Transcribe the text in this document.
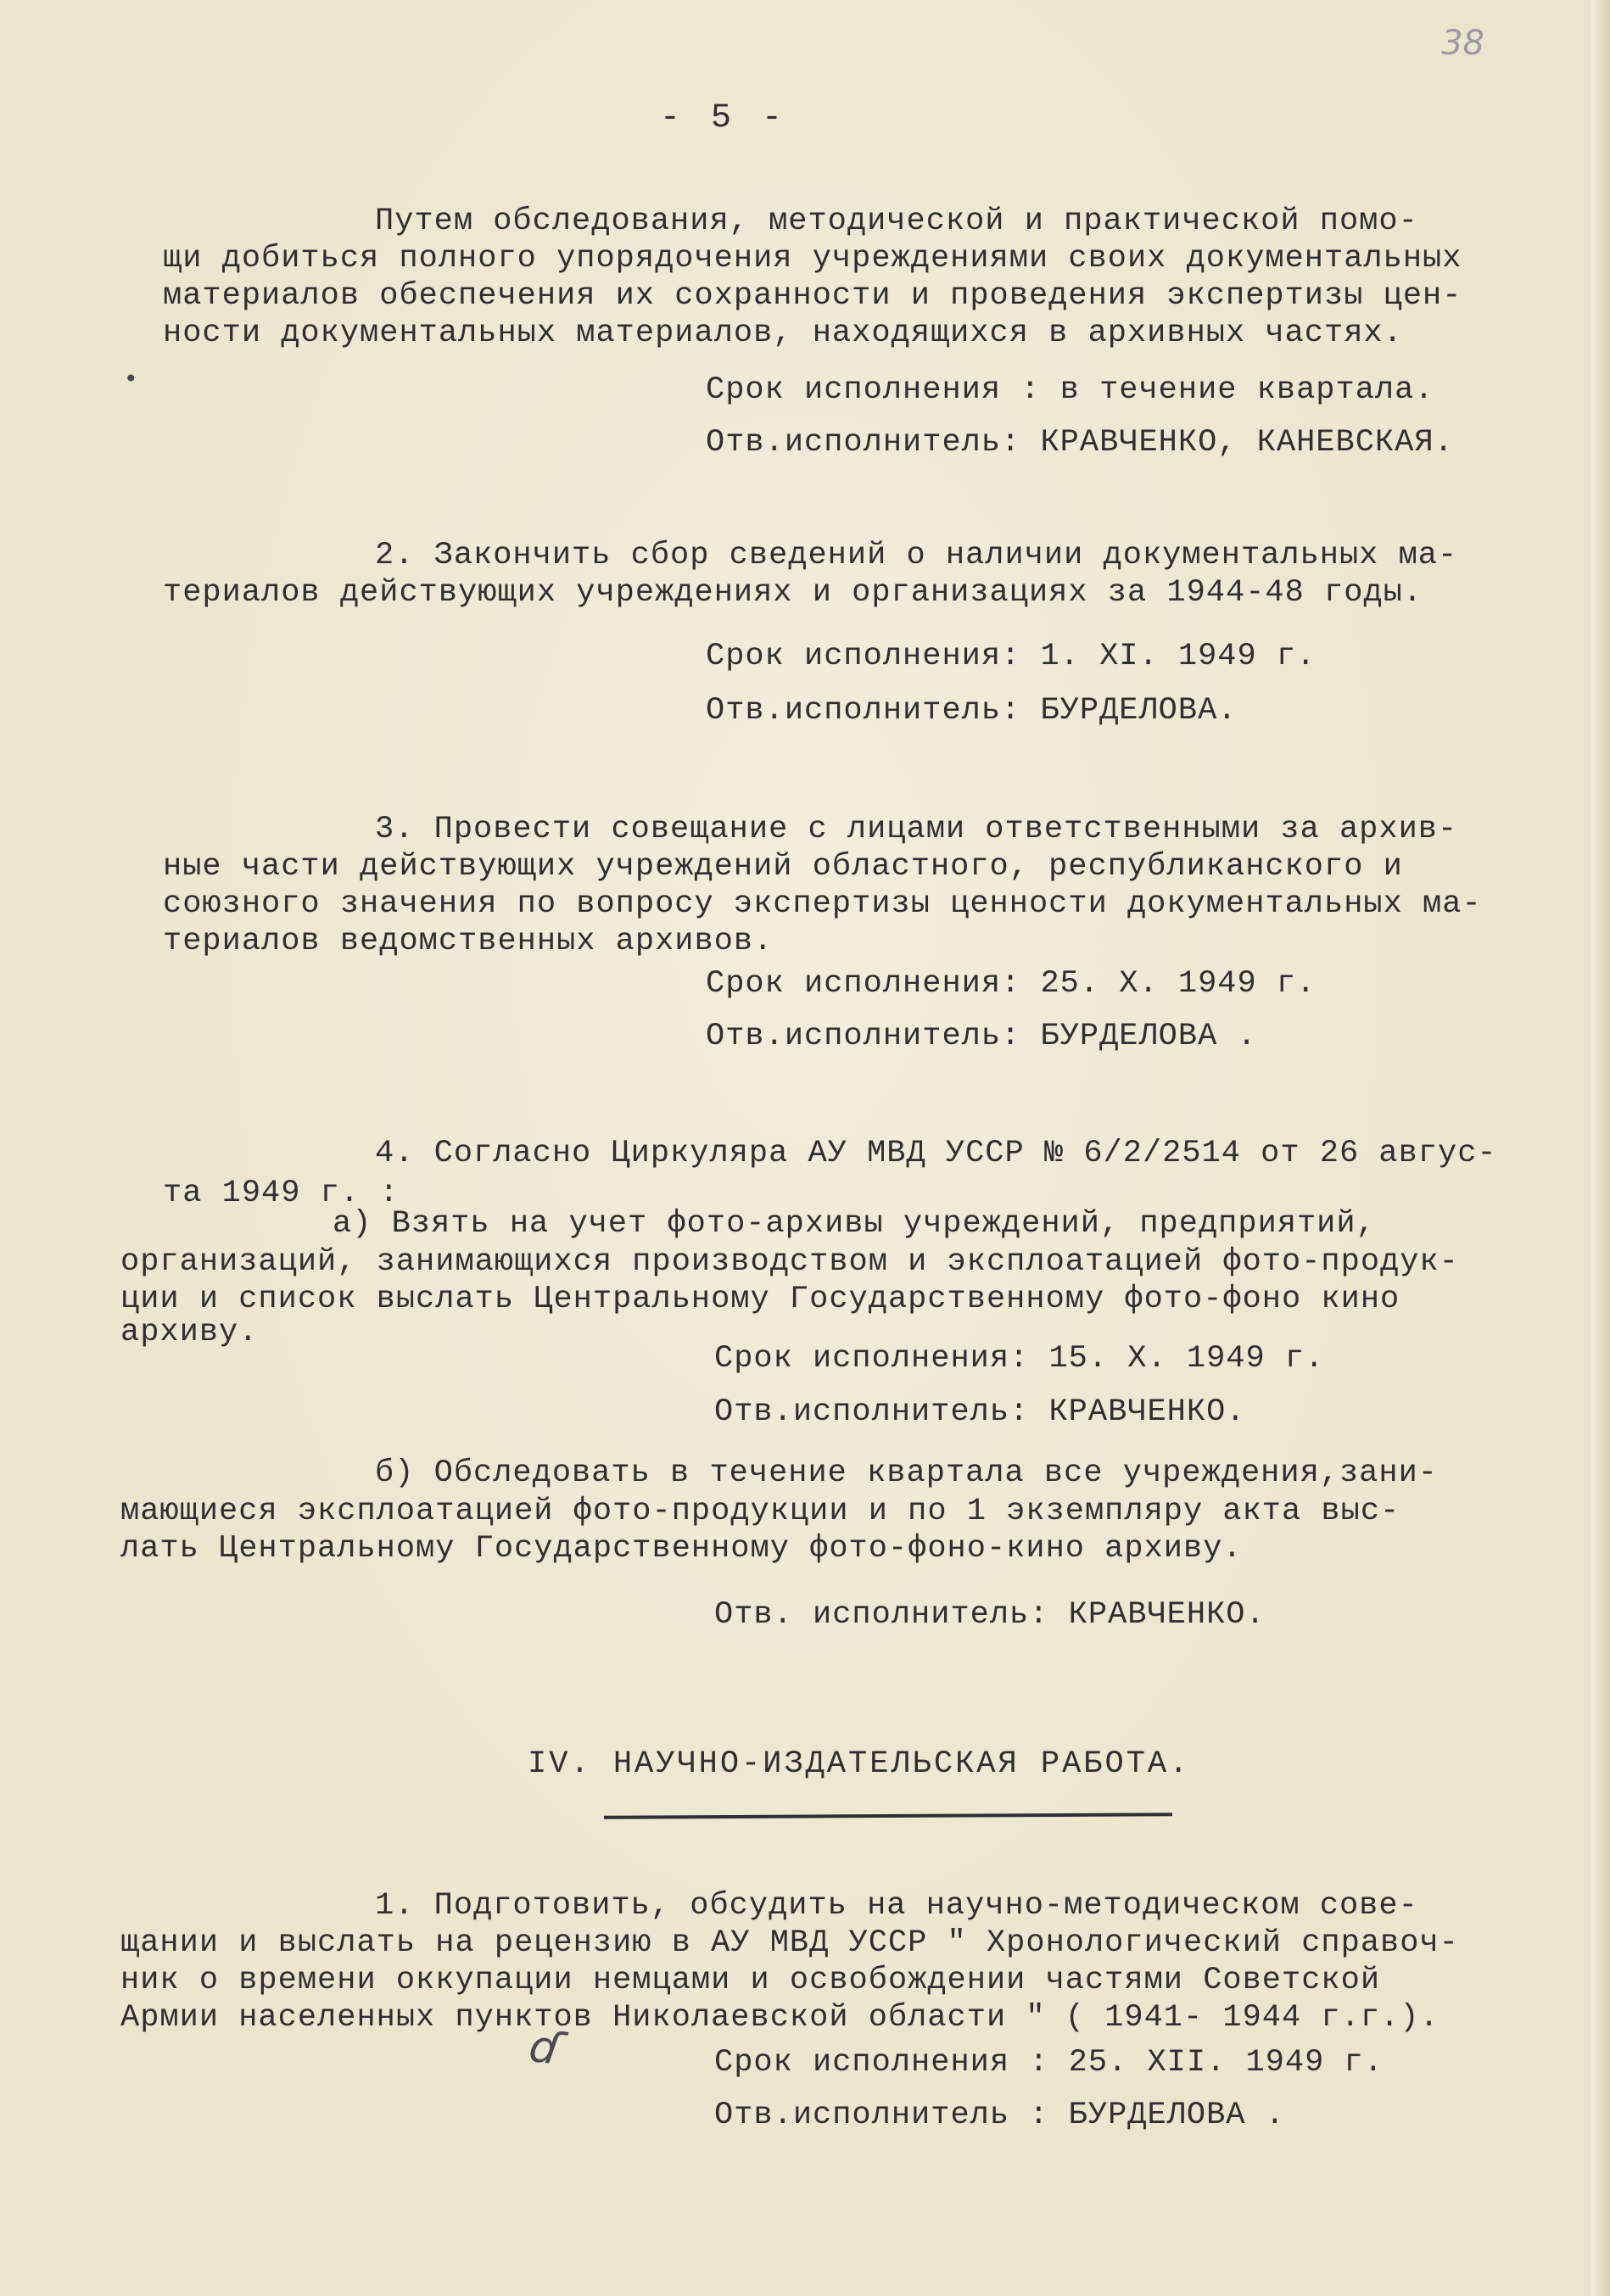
38
- 5 -
Путем обследования, методической и практической помо-
щи добиться полного упорядочения учреждениями своих документальных
материалов обеспечения их сохранности и проведения экспертизы цен-
ности документальных материалов, находящихся в архивных частях.
Срок исполнения : в течение квартала.
Отв.исполнитель: КРАВЧЕНКО, КАНЕВСКАЯ.
2. Закончить сбор сведений о наличии документальных ма-
териалов действующих учреждениях и организациях за 1944-48 годы.
Срок исполнения: 1. XI. 1949 г.
Отв.исполнитель: БУРДЕЛОВА.
3. Провести совещание с лицами ответственными за архив-
ные части действующих учреждений областного, республиканского и
союзного значения по вопросу экспертизы ценности документальных ма-
териалов ведомственных архивов.
Срок исполнения: 25. X. 1949 г.
Отв.исполнитель: БУРДЕЛОВА .
4. Согласно Циркуляра АУ МВД УССР № 6/2/2514 от 26 авгус-
та 1949 г. :
а) Взять на учет фото-архивы учреждений, предприятий,
организаций, занимающихся производством и эксплоатацией фото-продук-
ции и список выслать Центральному Государственному фото-фоно кино
архиву.
Срок исполнения: 15. X. 1949 г.
Отв.исполнитель: КРАВЧЕНКО.
б) Обследовать в течение квартала все учреждения,зани-
мающиеся эксплоатацией фото-продукции и по 1 экземпляру акта выс-
лать Центральному Государственному фото-фоно-кино архиву.
Отв. исполнитель: КРАВЧЕНКО.
IV. НАУЧНО-ИЗДАТЕЛЬСКАЯ РАБОТА.
1. Подготовить, обсудить на научно-методическом сове-
щании и выслать на рецензию в АУ МВД УССР " Хронологический справоч-
ник о времени оккупации немцами и освобождении частями Советской
Армии населенных пунктов Николаевской области " ( 1941- 1944 г.г.).
Срок исполнения : 25. XII. 1949 г.
Отв.исполнитель : БУРДЕЛОВА .
ɗ
•
